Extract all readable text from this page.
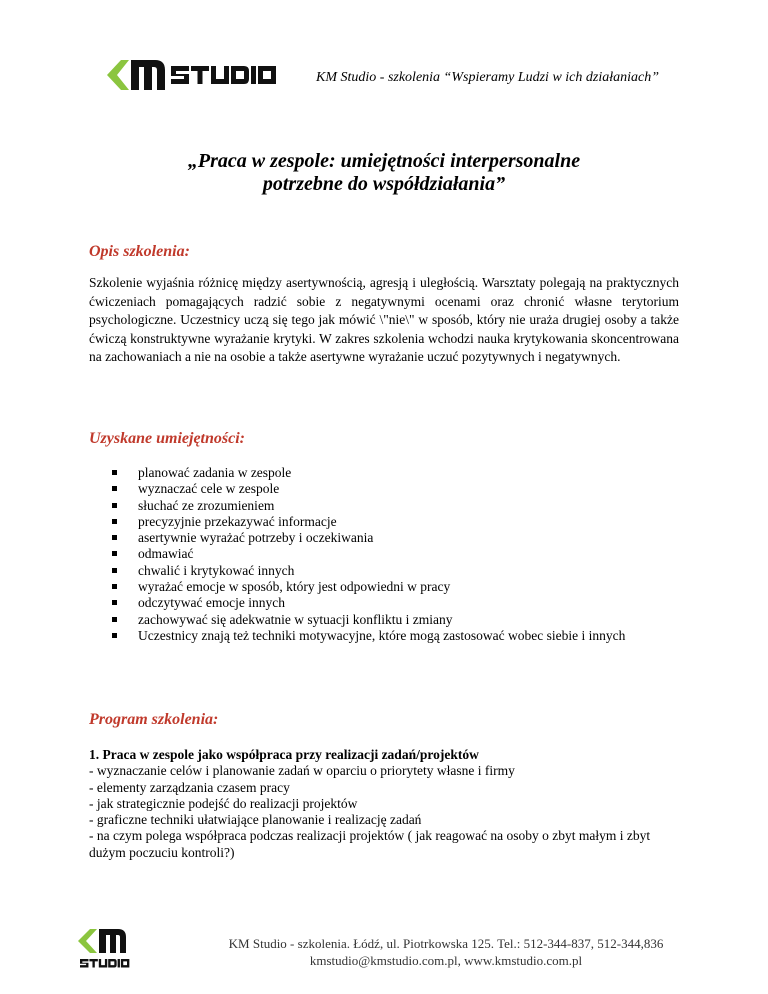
KM Studio - szkolenia “Wspieramy Ludzi w ich działaniach”
„Praca w zespole: umiejętności interpersonalne
potrzebne do współdziałania”
Opis szkolenia:
Szkolenie wyjaśnia różnicę między asertywnością, agresją i uległością. Warsztaty polegają na praktycznych ćwiczeniach pomagających radzić sobie z negatywnymi ocenami oraz chronić własne terytorium psychologiczne. Uczestnicy uczą się tego jak mówić \"nie\" w sposób, który nie uraża drugiej osoby a także ćwiczą konstruktywne wyrażanie krytyki. W zakres szkolenia wchodzi nauka krytykowania skoncentrowana na zachowaniach a nie na osobie a także asertywne wyrażanie uczuć pozytywnych i negatywnych.
Uzyskane umiejętności:
planować zadania w zespole
wyznaczać cele w zespole
słuchać ze zrozumieniem
precyzyjnie przekazywać informacje
asertywnie wyrażać potrzeby i oczekiwania
odmawiać
chwalić i krytykować innych
wyrażać emocje w sposób, który jest odpowiedni w pracy
odczytywać emocje innych
zachowywać się adekwatnie w sytuacji konfliktu i zmiany
Uczestnicy znają też techniki motywacyjne, które mogą zastosować wobec siebie i innych
Program szkolenia:
1. Praca w zespole jako współpraca przy realizacji zadań/projektów
- wyznaczanie celów i planowanie zadań w oparciu o priorytety własne i firmy
- elementy zarządzania czasem pracy
- jak strategicznie podejść do realizacji projektów
- graficzne techniki ułatwiające planowanie i realizację zadań
- na czym polega współpraca podczas realizacji projektów ( jak reagować na osoby o zbyt małym i zbyt dużym poczuciu kontroli?)
KM Studio - szkolenia. Łódź, ul. Piotrkowska 125. Tel.: 512-344-837, 512-344,836
kmstudio@kmstudio.com.pl, www.kmstudio.com.pl
